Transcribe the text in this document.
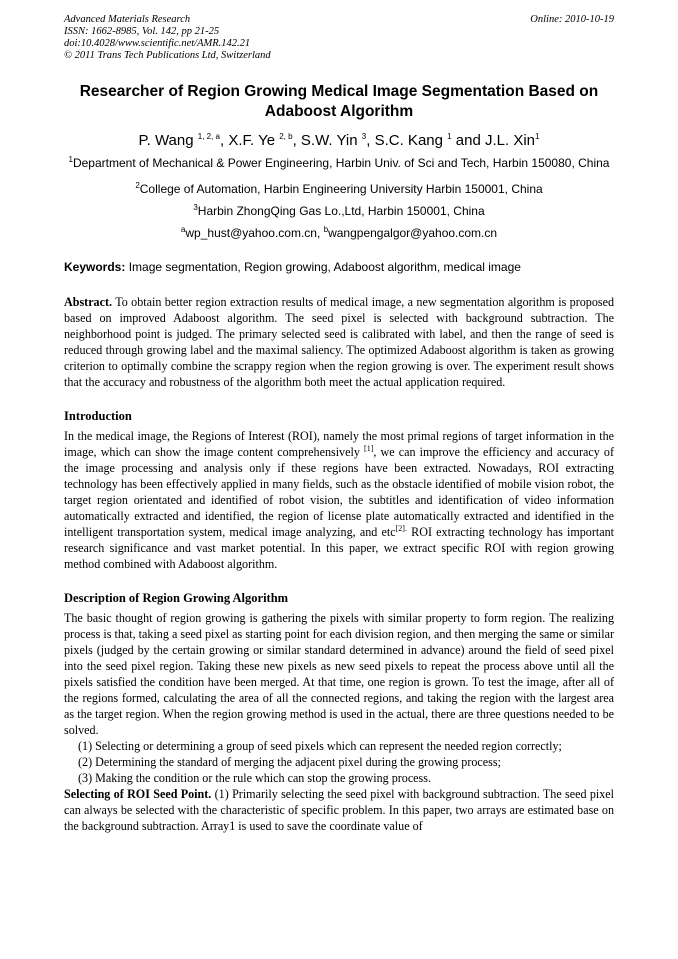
Advanced Materials Research
ISSN: 1662-8985, Vol. 142, pp 21-25
doi:10.4028/www.scientific.net/AMR.142.21
© 2011 Trans Tech Publications Ltd, Switzerland
Online: 2010-10-19
Researcher of Region Growing Medical Image Segmentation Based on Adaboost Algorithm
P. Wang $^{1, 2, a}$, X.F. Ye $^{2, b}$, S.W. Yin $^3$, S.C. Kang $^1$ and J.L. Xin$^1$
$^1$Department of Mechanical & Power Engineering, Harbin Univ. of Sci and Tech, Harbin 150080, China
$^2$College of Automation, Harbin Engineering University Harbin 150001, China
$^3$Harbin ZhongQing Gas Lo.,Ltd, Harbin 150001, China
$^a$wp_hust@yahoo.com.cn, $^b$wangpengalgor@yahoo.com.cn
Keywords: Image segmentation, Region growing, Adaboost algorithm, medical image
Abstract. To obtain better region extraction results of medical image, a new segmentation algorithm is proposed based on improved Adaboost algorithm. The seed pixel is selected with background subtraction. The neighborhood point is judged. The primary selected seed is calibrated with label, and then the range of seed is reduced through growing label and the maximal saliency. The optimized Adaboost algorithm is taken as growing criterion to optimally combine the scrappy region when the region growing is over. The experiment result shows that the accuracy and robustness of the algorithm both meet the actual application required.
Introduction
In the medical image, the Regions of Interest (ROI), namely the most primal regions of target information in the image, which can show the image content comprehensively [1], we can improve the efficiency and accuracy of the image processing and analysis only if these regions have been extracted. Nowadays, ROI extracting technology has been effectively applied in many fields, such as the obstacle identified of mobile vision robot, the target region orientated and identified of robot vision, the subtitles and identification of video information automatically extracted and identified, the region of license plate automatically extracted and identified in the intelligent transportation system, medical image analyzing, and etc$^{[2].}$ ROI extracting technology has important research significance and vast market potential. In this paper, we extract specific ROI with region growing method combined with Adaboost algorithm.
Description of Region Growing Algorithm
The basic thought of region growing is gathering the pixels with similar property to form region. The realizing process is that, taking a seed pixel as starting point for each division region, and then merging the same or similar pixels (judged by the certain growing or similar standard determined in advance) around the field of seed pixel into the seed pixel region. Taking these new pixels as new seed pixels to repeat the process above until all the pixels satisfied the condition have been merged. At that time, one region is grown. To test the image, after all of the regions formed, calculating the area of all the connected regions, and taking the region with the largest area as the target region. When the region growing method is used in the actual, there are three questions needed to be solved.
(1) Selecting or determining a group of seed pixels which can represent the needed region correctly;
(2) Determining the standard of merging the adjacent pixel during the growing process;
(3) Making the condition or the rule which can stop the growing process.
Selecting of ROI Seed Point. (1) Primarily selecting the seed pixel with background subtraction. The seed pixel can always be selected with the characteristic of specific problem. In this paper, two arrays are estimated base on the background subtraction. Array1 is used to save the coordinate value of
